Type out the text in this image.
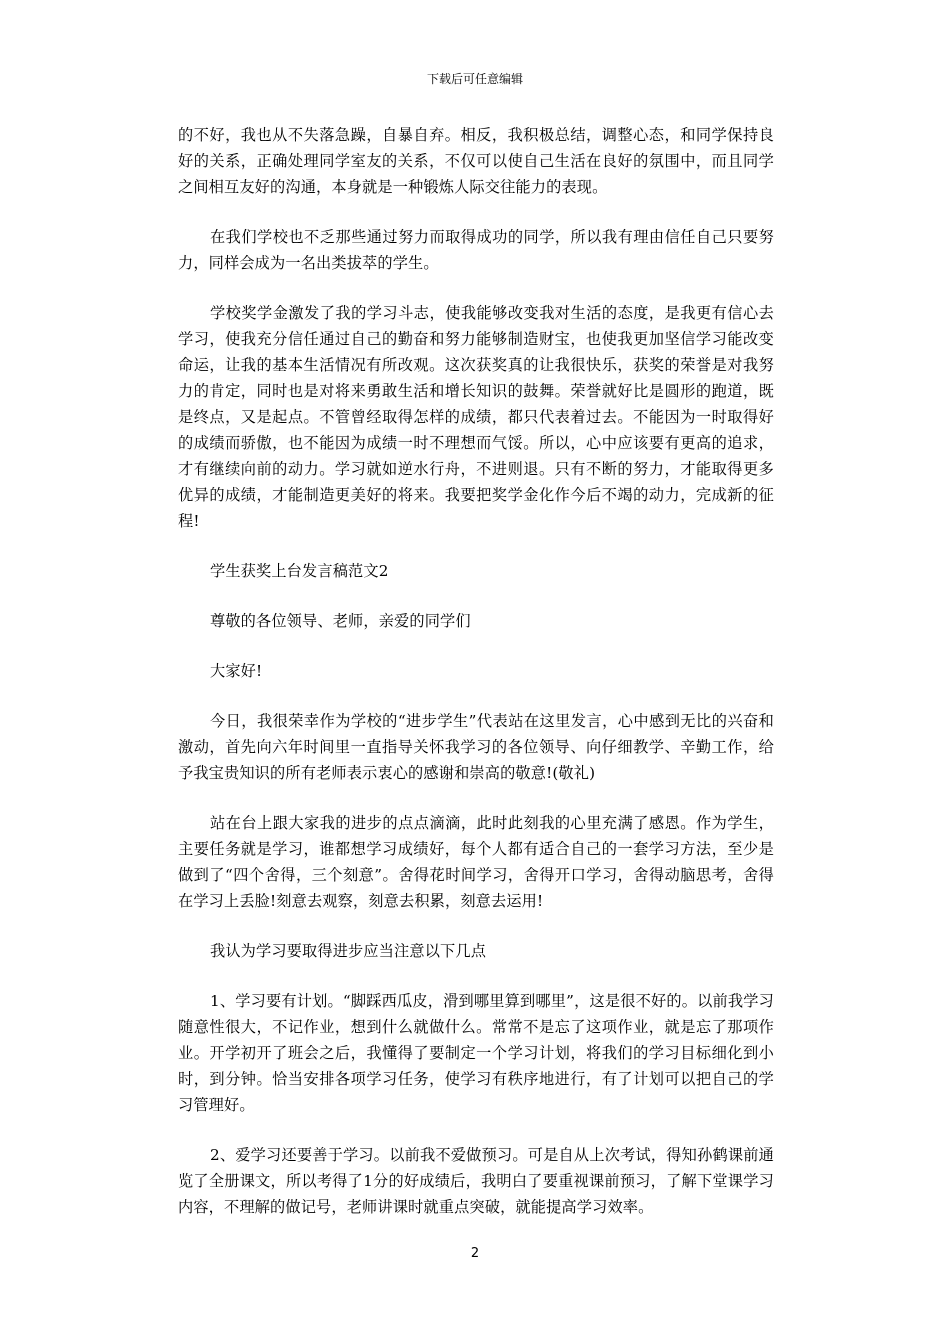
下载后可任意编辑

的不好，我也从不失落急躁，自暴自弃。相反，我积极总结，调整心态，和同学保持良好的关系，正确处理同学室友的关系，不仅可以使自己生活在良好的氛围中，而且同学之间相互友好的沟通，本身就是一种锻炼人际交往能力的表现。

在我们学校也不乏那些通过努力而取得成功的同学，所以我有理由信任自己只要努力，同样会成为一名出类拔萃的学生。

学校奖学金激发了我的学习斗志，使我能够改变我对生活的态度，是我更有信心去学习，使我充分信任通过自己的勤奋和努力能够制造财宝，也使我更加坚信学习能改变命运，让我的基本生活情况有所改观。这次获奖真的让我很快乐，获奖的荣誉是对我努力的肯定，同时也是对将来勇敢生活和增长知识的鼓舞。荣誉就好比是圆形的跑道，既是终点，又是起点。不管曾经取得怎样的成绩，都只代表着过去。不能因为一时取得好的成绩而骄傲，也不能因为成绩一时不理想而气馁。所以，心中应该要有更高的追求，才有继续向前的动力。学习就如逆水行舟，不进则退。只有不断的努力，才能取得更多优异的成绩，才能制造更美好的将来。我要把奖学金化作今后不竭的动力，完成新的征程!

学生获奖上台发言稿范文2

尊敬的各位领导、老师，亲爱的同学们

大家好!

今日，我很荣幸作为学校的“进步学生”代表站在这里发言，心中感到无比的兴奋和激动，首先向六年时间里一直指导关怀我学习的各位领导、向仔细教学、辛勤工作，给予我宝贵知识的所有老师表示衷心的感谢和崇高的敬意!(敬礼)

站在台上跟大家我的进步的点点滴滴，此时此刻我的心里充满了感恩。作为学生，主要任务就是学习，谁都想学习成绩好，每个人都有适合自己的一套学习方法，至少是做到了“四个舍得，三个刻意”。舍得花时间学习，舍得开口学习，舍得动脑思考，舍得在学习上丢脸!刻意去观察，刻意去积累，刻意去运用!

我认为学习要取得进步应当注意以下几点

1、学习要有计划。“脚踩西瓜皮，滑到哪里算到哪里”，这是很不好的。以前我学习随意性很大，不记作业，想到什么就做什么。常常不是忘了这项作业，就是忘了那项作业。开学初开了班会之后，我懂得了要制定一个学习计划，将我们的学习目标细化到小时，到分钟。恰当安排各项学习任务，使学习有秩序地进行，有了计划可以把自己的学习管理好。

2、爱学习还要善于学习。以前我不爱做预习。可是自从上次考试，得知孙鹤课前通览了全册课文，所以考得了1分的好成绩后，我明白了要重视课前预习，了解下堂课学习内容，不理解的做记号，老师讲课时就重点突破，就能提高学习效率。

2
